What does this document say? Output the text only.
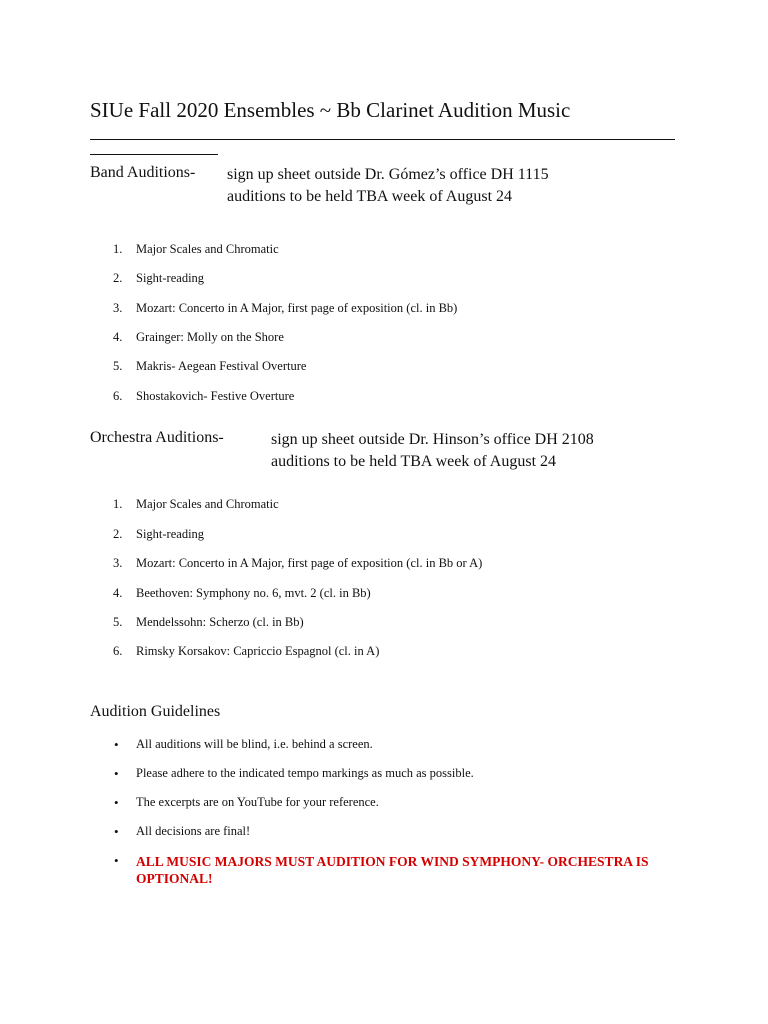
SIUe Fall 2020 Ensembles ~ Bb Clarinet Audition Music
Band Auditions- sign up sheet outside Dr. Gómez’s office DH 1115
auditions to be held TBA week of August 24
1. Major Scales and Chromatic
2. Sight-reading
3. Mozart: Concerto in A Major, first page of exposition (cl. in Bb)
4. Grainger: Molly on the Shore
5. Makris- Aegean Festival Overture
6. Shostakovich- Festive Overture
Orchestra Auditions-	sign up sheet outside Dr. Hinson’s office DH 2108
auditions to be held TBA week of August 24
1. Major Scales and Chromatic
2. Sight-reading
3. Mozart: Concerto in A Major, first page of exposition (cl. in Bb or A)
4. Beethoven: Symphony no. 6, mvt. 2 (cl. in Bb)
5. Mendelssohn: Scherzo (cl. in Bb)
6. Rimsky Korsakov: Capriccio Espagnol (cl. in A)
Audition Guidelines
• All auditions will be blind, i.e. behind a screen.
• Please adhere to the indicated tempo markings as much as possible.
• The excerpts are on YouTube for your reference.
• All decisions are final!
• ALL MUSIC MAJORS MUST AUDITION FOR WIND SYMPHONY- ORCHESTRA IS OPTIONAL!
